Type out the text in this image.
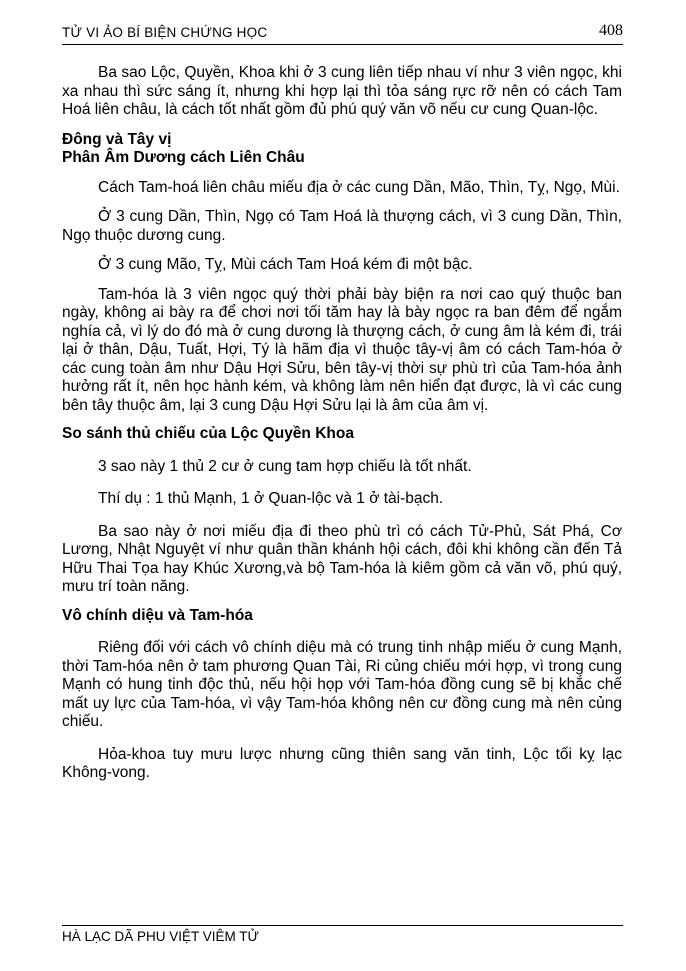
TỬ VI ẢO BÍ BIỆN CHỨNG HỌC	408

Ba sao Lộc, Quyền, Khoa khi ở 3 cung liên tiếp nhau ví như 3 viên ngọc, khi xa nhau thì sức sáng ít, nhưng khi hợp lại thì tỏa sáng rực rỡ nên có cách Tam Hoá liên châu, là cách tốt nhất gồm đủ phú quý văn võ nếu cư cung Quan-lộc.

Đông và Tây vị
Phân Âm Dương cách Liên Châu

Cách Tam-hoá liên châu miếu địa ở các cung Dần, Mão, Thìn, Tỵ, Ngọ, Mùi.

Ở 3 cung Dần, Thìn, Ngọ có Tam Hoá là thượng cách, vì 3 cung Dần, Thìn, Ngọ thuộc dương cung.

Ở 3 cung Mão, Tỵ, Mùi cách Tam Hoá kém đi một bậc.

Tam-hóa là 3 viên ngọc quý thời phải bày biện ra nơi cao quý thuộc ban ngày, không ai bày ra để chơi nơi tối tăm hay là bày ngọc ra ban đêm để ngắm nghía cả, vì lý do đó mà ở cung dương là thượng cách, ở cung âm là kém đi, trái lại ở thân, Dậu, Tuất, Hợi, Tý là hãm địa vì thuộc tây-vị âm có cách Tam-hóa ở các cung toàn âm như Dậu Hợi Sửu, bên tây-vị thời sự phù trì của Tam-hóa ảnh hưởng rất ít, nên học hành kém, và không làm nên hiển đạt được, là vì các cung bên tây thuộc âm, lại 3 cung Dậu Hợi Sửu lại là âm của âm vị.

So sánh thủ chiếu của Lộc Quyền Khoa

3 sao này 1 thủ 2 cư ở cung tam hợp chiếu là tốt nhất.

Thí dụ : 1 thủ Mạnh, 1 ở Quan-lộc và 1 ở tài-bạch.

Ba sao này ở nơi miếu địa đi theo phù trì có cách Tử-Phủ, Sát Phá, Cơ Lương, Nhật Nguyệt ví như quân thần khánh hội cách, đôi khi không cần đến Tả Hữu Thai Tọa hay Khúc Xương,và bộ Tam-hóa là kiêm gồm cả văn võ, phú quý, mưu trí toàn năng.

Vô chính diệu và Tam-hóa

Riêng đối với cách vô chính diệu mà có trung tinh nhập miếu ở cung Mạnh, thời Tam-hóa nên ở tam phương Quan Tài, Ri củng chiếu mới hợp, vì trong cung Mạnh có hung tinh độc thủ, nếu hội họp với Tam-hóa đồng cung sẽ bị khắc chế mất uy lực của Tam-hóa, vì vậy Tam-hóa không nên cư đồng cung mà nên củng chiếu.

Hỏa-khoa tuy mưu lược nhưng cũng thiên sang văn tinh, Lộc tối kỵ lạc Không-vong.

HÀ LẠC DÃ PHU VIỆT VIÊM TỬ
